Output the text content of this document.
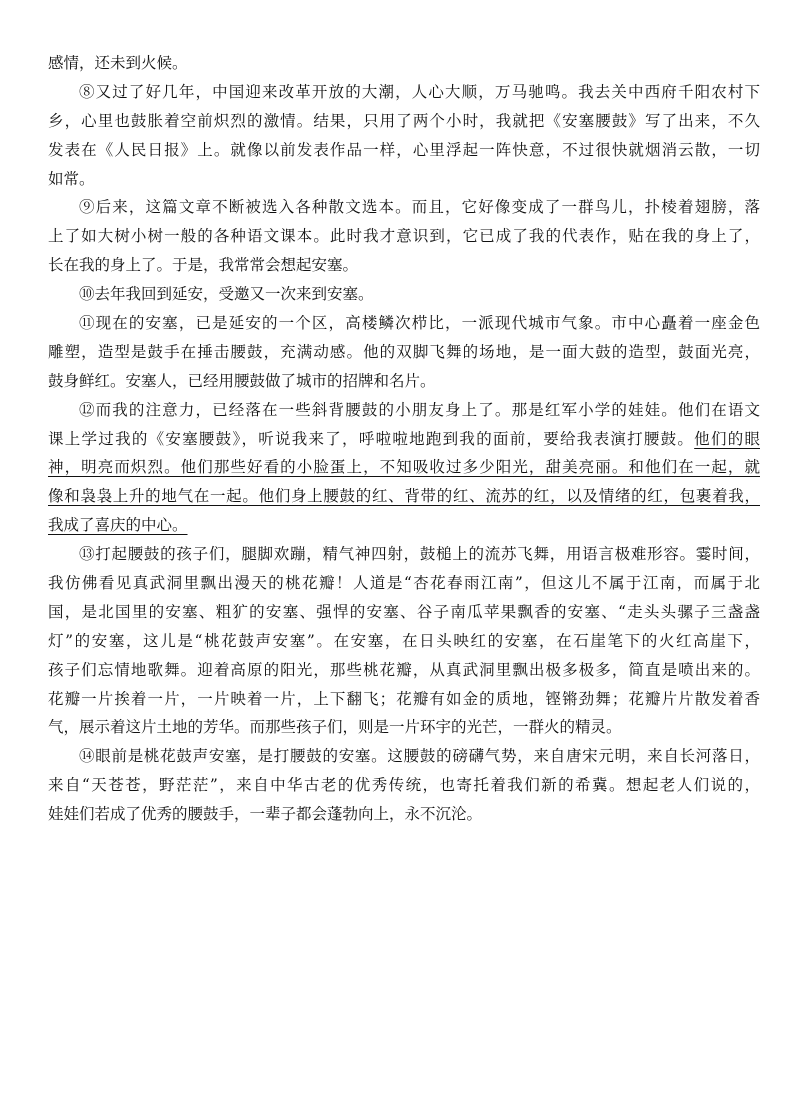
感情，还未到火候。
⑧又过了好几年，中国迎来改革开放的大潮，人心大顺，万马驰鸣。我去关中西府千阳农村下
乡，心里也鼓胀着空前炽烈的激情。结果，只用了两个小时，我就把《安塞腰鼓》写了出来，不久
发表在《人民日报》上。就像以前发表作品一样，心里浮起一阵快意，不过很快就烟消云散，一切
如常。
⑨后来，这篇文章不断被选入各种散文选本。而且，它好像变成了一群鸟儿，扑棱着翅膀，落
上了如大树小树一般的各种语文课本。此时我才意识到，它已成了我的代表作，贴在我的身上了，
长在我的身上了。于是，我常常会想起安塞。
⑩去年我回到延安，受邀又一次来到安塞。
⑪现在的安塞，已是延安的一个区，高楼鳞次栉比，一派现代城市气象。市中心矗着一座金色
雕塑，造型是鼓手在捶击腰鼓，充满动感。他的双脚飞舞的场地，是一面大鼓的造型，鼓面光亮，
鼓身鲜红。安塞人，已经用腰鼓做了城市的招牌和名片。
⑫而我的注意力，已经落在一些斜背腰鼓的小朋友身上了。那是红军小学的娃娃。他们在语文
课上学过我的《安塞腰鼓》，听说我来了，呼啦啦地跑到我的面前，要给我表演打腰鼓。他们的眼
神，明亮而炽烈。他们那些好看的小脸蛋上，不知吸收过多少阳光，甜美亮丽。和他们在一起，就
像和袅袅上升的地气在一起。他们身上腰鼓的红、背带的红、流苏的红，以及情绪的红，包裹着我，
我成了喜庆的中心。
⑬打起腰鼓的孩子们，腿脚欢蹦，精气神四射，鼓槌上的流苏飞舞，用语言极难形容。霎时间，
我仿佛看见真武洞里飘出漫天的桃花瓣！人道是“杏花春雨江南”，但这儿不属于江南，而属于北
国，是北国里的安塞、粗犷的安塞、强悍的安塞、谷子南瓜苹果飘香的安塞、“走头头骡子三盏盏
灯”的安塞，这儿是“桃花鼓声安塞”。在安塞，在日头映红的安塞，在石崖笔下的火红高崖下，
孩子们忘情地歌舞。迎着高原的阳光，那些桃花瓣，从真武洞里飘出极多极多，简直是喷出来的。
花瓣一片挨着一片，一片映着一片，上下翻飞；花瓣有如金的质地，铿锵劲舞；花瓣片片散发着香
气，展示着这片土地的芳华。而那些孩子们，则是一片环宇的光芒，一群火的精灵。
⑭眼前是桃花鼓声安塞，是打腰鼓的安塞。这腰鼓的磅礴气势，来自唐宋元明，来自长河落日，
来自“天苍苍，野茫茫”，来自中华古老的优秀传统，也寄托着我们新的希冀。想起老人们说的，
娃娃们若成了优秀的腰鼓手，一辈子都会蓬勃向上，永不沉沦。
